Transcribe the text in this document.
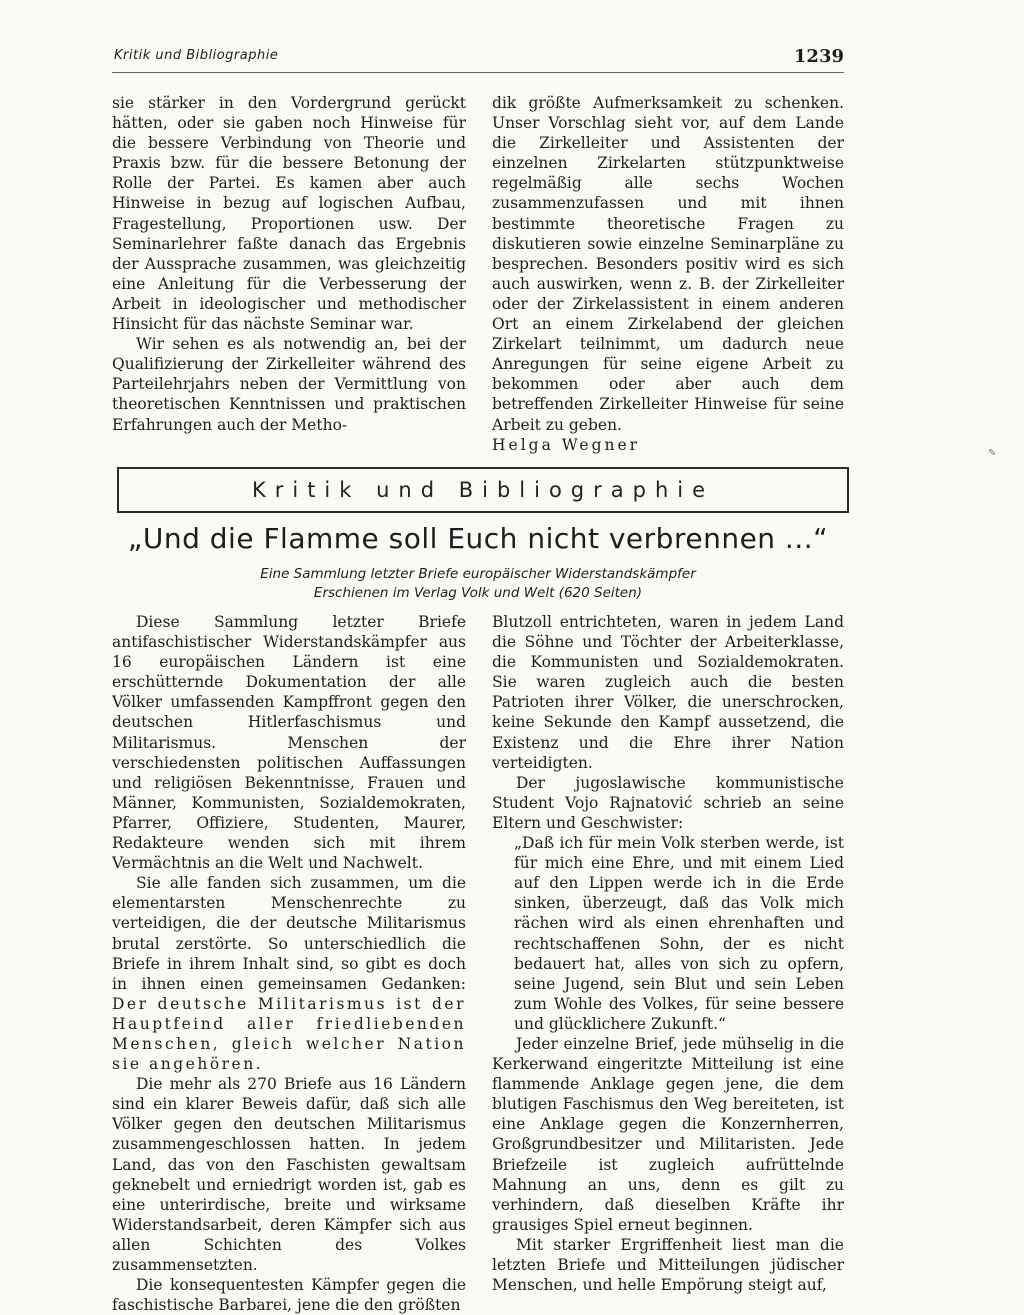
Kritik und Bibliographie	1239

sie stärker in den Vordergrund gerückt hätten, oder sie gaben noch Hinweise für die bessere Verbindung von Theorie und Praxis bzw. für die bessere Betonung der Rolle der Partei. Es kamen aber auch Hinweise in bezug auf logischen Aufbau, Fragestellung, Proportionen usw. Der Seminarlehrer faßte danach das Ergebnis der Aussprache zusammen, was gleichzeitig eine Anleitung für die Verbesserung der Arbeit in ideologischer und methodischer Hinsicht für das nächste Seminar war.

Wir sehen es als notwendig an, bei der Qualifizierung der Zirkelleiter während des Parteilehrjahrs neben der Vermittlung von theoretischen Kenntnissen und praktischen Erfahrungen auch der Metho-

dik größte Aufmerksamkeit zu schenken. Unser Vorschlag sieht vor, auf dem Lande die Zirkelleiter und Assistenten der einzelnen Zirkelarten stützpunktweise regelmäßig alle sechs Wochen zusammenzufassen und mit ihnen bestimmte theoretische Fragen zu diskutieren sowie einzelne Seminarpläne zu besprechen. Besonders positiv wird es sich auch auswirken, wenn z. B. der Zirkelleiter oder der Zirkelassistent in einem anderen Ort an einem Zirkelabend der gleichen Zirkelart teilnimmt, um dadurch neue Anregungen für seine eigene Arbeit zu bekommen oder aber auch dem betreffenden Zirkelleiter Hinweise für seine Arbeit zu geben.

Helga Wegner	✎
Kritik und Bibliographie
„Und die Flamme soll Euch nicht verbrennen ...“
Eine Sammlung letzter Briefe europäischer Widerstandskämpfer
Erschienen im Verlag Volk und Welt (620 Seiten)

Diese Sammlung letzter Briefe antifaschistischer Widerstandskämpfer aus 16 europäischen Ländern ist eine erschütternde Dokumentation der alle Völker umfassenden Kampffront gegen den deutschen Hitlerfaschismus und Militarismus. Menschen der verschiedensten politischen Auffassungen und religiösen Bekenntnisse, Frauen und Männer, Kommunisten, Sozialdemokraten, Pfarrer, Offiziere, Studenten, Maurer, Redakteure wenden sich mit ihrem Vermächtnis an die Welt und Nachwelt.

Sie alle fanden sich zusammen, um die elementarsten Menschenrechte zu verteidigen, die der deutsche Militarismus brutal zerstörte. So unterschiedlich die Briefe in ihrem Inhalt sind, so gibt es doch in ihnen einen gemeinsamen Gedanken: Der deutsche Militarismus ist der Hauptfeind aller friedliebenden Menschen, gleich welcher Nation sie angehören.

Die mehr als 270 Briefe aus 16 Ländern sind ein klarer Beweis dafür, daß sich alle Völker gegen den deutschen Militarismus zusammengeschlossen hatten. In jedem Land, das von den Faschisten gewaltsam geknebelt und erniedrigt worden ist, gab es eine unterirdische, breite und wirksame Widerstandsarbeit, deren Kämpfer sich aus allen Schichten des Volkes zusammensetzten.

Die konsequentesten Kämpfer gegen die faschistische Barbarei, jene die den größten

Blutzoll entrichteten, waren in jedem Land die Söhne und Töchter der Arbeiterklasse, die Kommunisten und Sozialdemokraten. Sie waren zugleich auch die besten Patrioten ihrer Völker, die unerschrocken, keine Sekunde den Kampf aussetzend, die Existenz und die Ehre ihrer Nation verteidigten.

Der jugoslawische kommunistische Student Vojo Rajnatović schrieb an seine Eltern und Geschwister:

„Daß ich für mein Volk sterben werde, ist für mich eine Ehre, und mit einem Lied auf den Lippen werde ich in die Erde sinken, überzeugt, daß das Volk mich rächen wird als einen ehrenhaften und rechtschaffenen Sohn, der es nicht bedauert hat, alles von sich zu opfern, seine Jugend, sein Blut und sein Leben zum Wohle des Volkes, für seine bessere und glücklichere Zukunft.“

Jeder einzelne Brief, jede mühselig in die Kerkerwand eingeritzte Mitteilung ist eine flammende Anklage gegen jene, die dem blutigen Faschismus den Weg bereiteten, ist eine Anklage gegen die Konzernherren, Großgrundbesitzer und Militaristen. Jede Briefzeile ist zugleich aufrüttelnde Mahnung an uns, denn es gilt zu verhindern, daß dieselben Kräfte ihr grausiges Spiel erneut beginnen.

Mit starker Ergriffenheit liest man die letzten Briefe und Mitteilungen jüdischer Menschen, und helle Empörung steigt auf,
